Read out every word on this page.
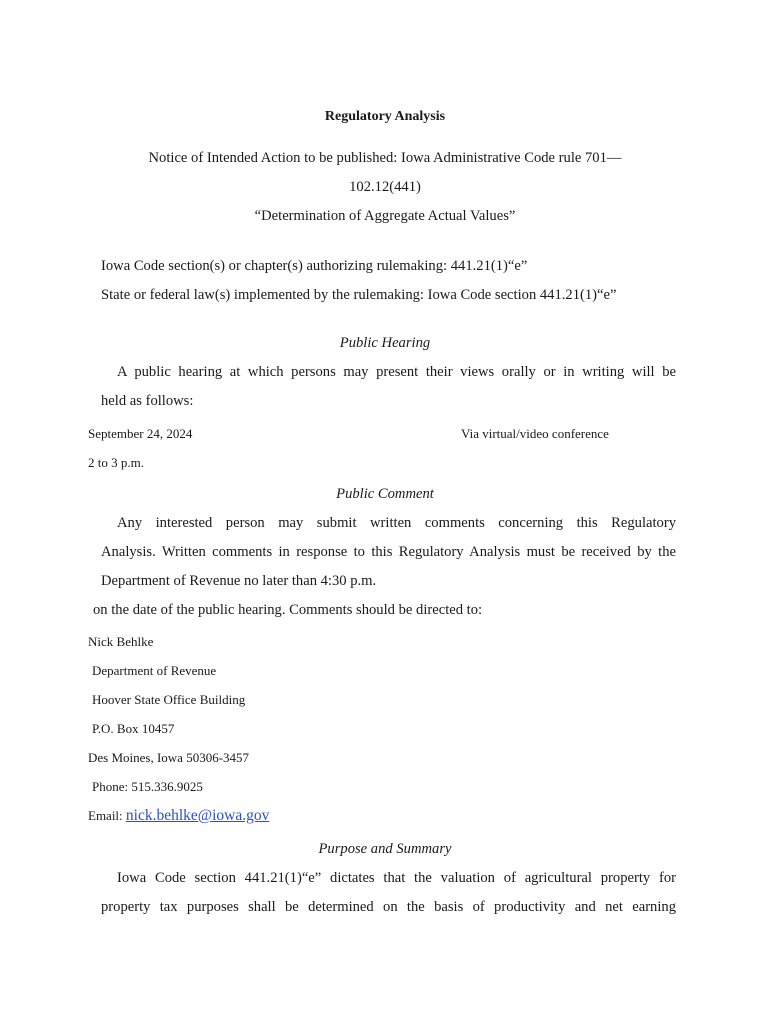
Regulatory Analysis
Notice of Intended Action to be published: Iowa Administrative Code rule 701—
102.12(441)
“Determination of Aggregate Actual Values”
Iowa Code section(s) or chapter(s) authorizing rulemaking: 441.21(1)“e”
State or federal law(s) implemented by the rulemaking: Iowa Code section 441.21(1)“e”
Public Hearing
A public hearing at which persons may present their views orally or in writing will be
held as follows:
September 24, 2024	Via virtual/video conference
2 to 3 p.m.
Public Comment
Any interested person may submit written comments concerning this Regulatory
Analysis. Written comments in response to this Regulatory Analysis must be received by the
Department of Revenue no later than 4:30 p.m.
on the date of the public hearing. Comments should be directed to:
Nick Behlke
Department of Revenue
Hoover State Office Building
P.O. Box 10457
Des Moines, Iowa 50306-3457
Phone: 515.336.9025
Email: nick.behlke@iowa.gov
Purpose and Summary
Iowa Code section 441.21(1)“e” dictates that the valuation of agricultural property for
property tax purposes shall be determined on the basis of productivity and net earning
